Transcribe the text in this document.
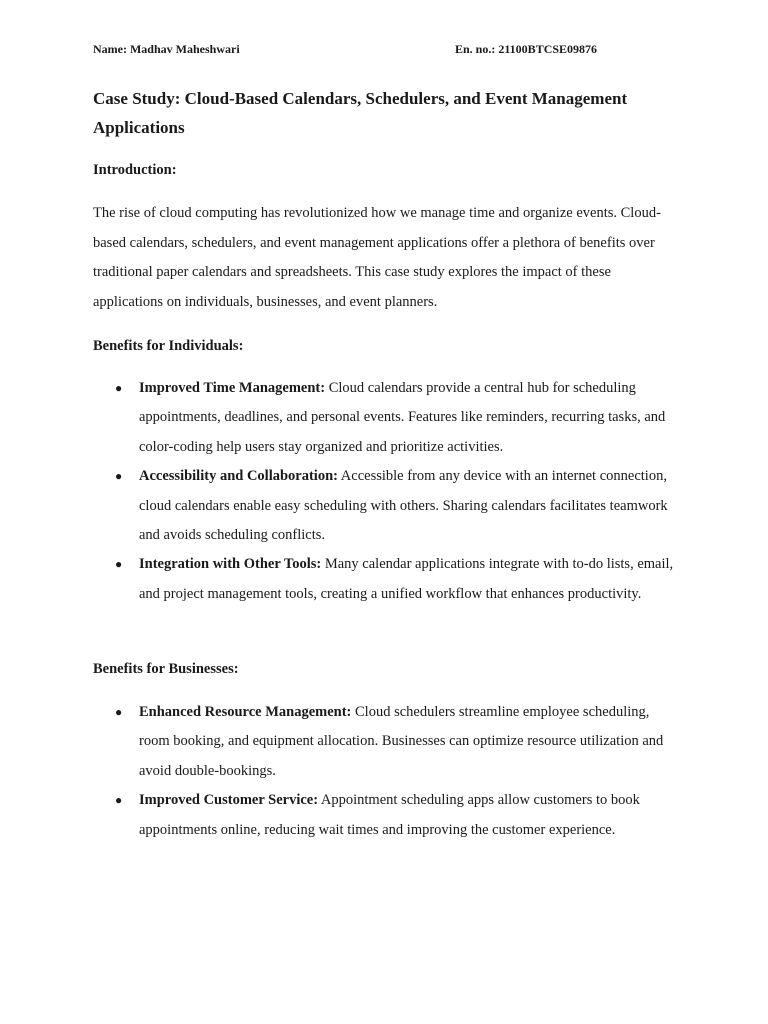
Name: Madhav Maheshwari	En. no.: 21100BTCSE09876
Case Study: Cloud-Based Calendars, Schedulers, and Event Management Applications
Introduction:

The rise of cloud computing has revolutionized how we manage time and organize events. Cloud-based calendars, schedulers, and event management applications offer a plethora of benefits over traditional paper calendars and spreadsheets. This case study explores the impact of these applications on individuals, businesses, and event planners.

Benefits for Individuals:
● Improved Time Management: Cloud calendars provide a central hub for scheduling appointments, deadlines, and personal events. Features like reminders, recurring tasks, and color-coding help users stay organized and prioritize activities.
● Accessibility and Collaboration: Accessible from any device with an internet connection, cloud calendars enable easy scheduling with others. Sharing calendars facilitates teamwork and avoids scheduling conflicts.
● Integration with Other Tools: Many calendar applications integrate with to-do lists, email, and project management tools, creating a unified workflow that enhances productivity.
Benefits for Businesses:
● Enhanced Resource Management: Cloud schedulers streamline employee scheduling, room booking, and equipment allocation. Businesses can optimize resource utilization and avoid double-bookings.
● Improved Customer Service: Appointment scheduling apps allow customers to book appointments online, reducing wait times and improving the customer experience.
